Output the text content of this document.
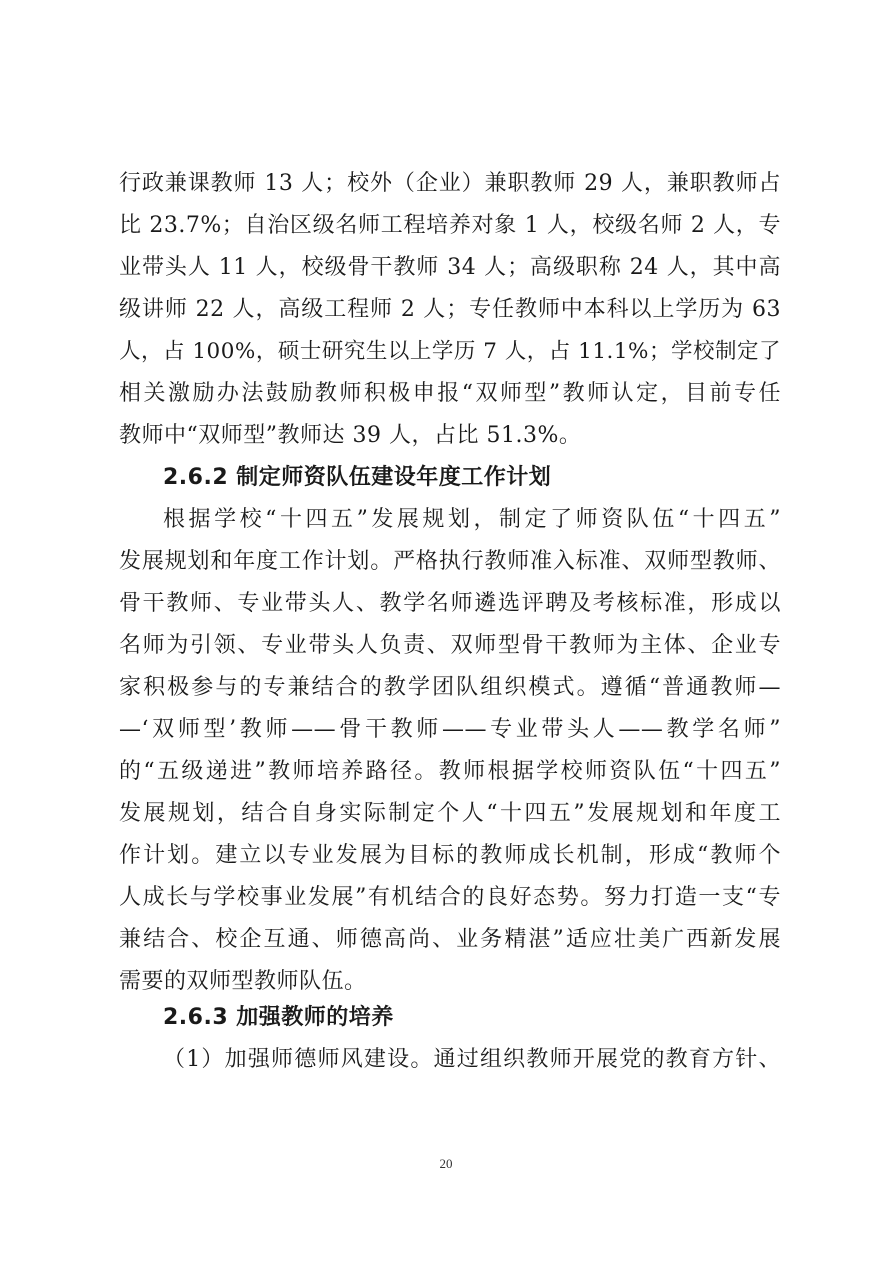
行政兼课教师 13 人；校外（企业）兼职教师 29 人，兼职教师占
比 23.7%；自治区级名师工程培养对象 1 人，校级名师 2 人，专
业带头人 11 人，校级骨干教师 34 人；高级职称 24 人，其中高
级讲师 22 人，高级工程师 2 人；专任教师中本科以上学历为 63
人，占 100%，硕士研究生以上学历 7 人，占 11.1%；学校制定了
相关激励办法鼓励教师积极申报“双师型”教师认定，目前专任
教师中“双师型”教师达 39 人，占比 51.3%。
2.6.2 制定师资队伍建设年度工作计划
根据学校“十四五”发展规划，制定了师资队伍“十四五”
发展规划和年度工作计划。严格执行教师准入标准、双师型教师、
骨干教师、专业带头人、教学名师遴选评聘及考核标准，形成以
名师为引领、专业带头人负责、双师型骨干教师为主体、企业专
家积极参与的专兼结合的教学团队组织模式。遵循“普通教师—
—‘双师型’教师——骨干教师——专业带头人——教学名师”
的“五级递进”教师培养路径。教师根据学校师资队伍“十四五”
发展规划，结合自身实际制定个人“十四五”发展规划和年度工
作计划。建立以专业发展为目标的教师成长机制，形成“教师个
人成长与学校事业发展”有机结合的良好态势。努力打造一支“专
兼结合、校企互通、师德高尚、业务精湛”适应壮美广西新发展
需要的双师型教师队伍。
2.6.3 加强教师的培养
（1）加强师德师风建设。通过组织教师开展党的教育方针、
20
